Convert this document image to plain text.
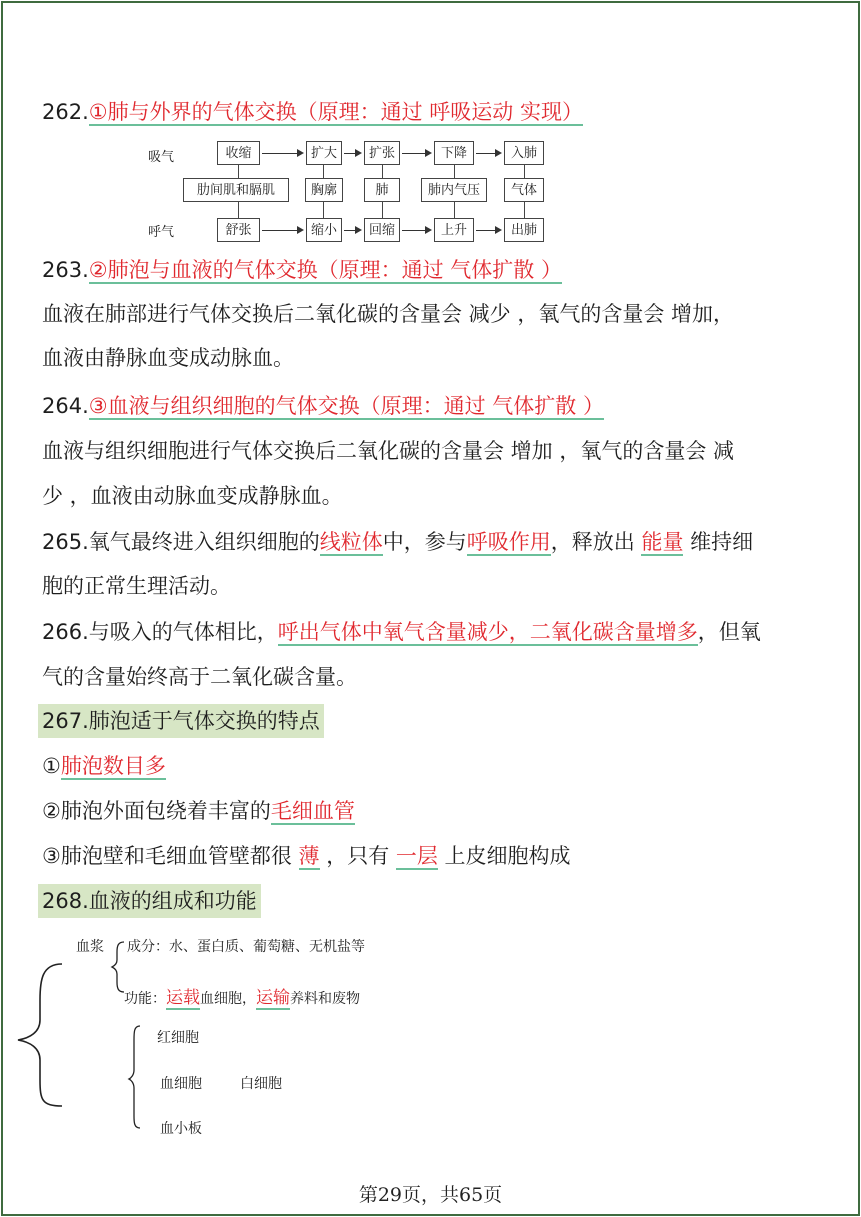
262.①肺与外界的气体交换（原理：通过 呼吸运动 实现）
吸气
呼气
收缩	扩大	扩张	下降	入肺
肋间肌和膈肌	胸廓	肺	肺内气压	气体
舒张	缩小	回缩	上升	出肺
263.②肺泡与血液的气体交换（原理：通过 气体扩散 ）
血液在肺部进行气体交换后二氧化碳的含量会 减少 ，氧气的含量会 增加，
血液由静脉血变成动脉血。
264.③血液与组织细胞的气体交换（原理：通过 气体扩散 ）
血液与组织细胞进行气体交换后二氧化碳的含量会 增加 ，氧气的含量会 减
少 ，血液由动脉血变成静脉血。
265.氧气最终进入组织细胞的线粒体中，参与呼吸作用，释放出 能量 维持细
胞的正常生理活动。
266.与吸入的气体相比，呼出气体中氧气含量减少，二氧化碳含量增多，但氧
气的含量始终高于二氧化碳含量。
267.肺泡适于气体交换的特点
①肺泡数目多
②肺泡外面包绕着丰富的毛细血管
③肺泡壁和毛细血管壁都很 薄 ，只有 一层 上皮细胞构成
268.血液的组成和功能
血浆 成分：水、蛋白质、葡萄糖、无机盐等
功能：运载血细胞，运输养料和废物
红细胞
血细胞	白细胞
血小板
第29页，共65页
